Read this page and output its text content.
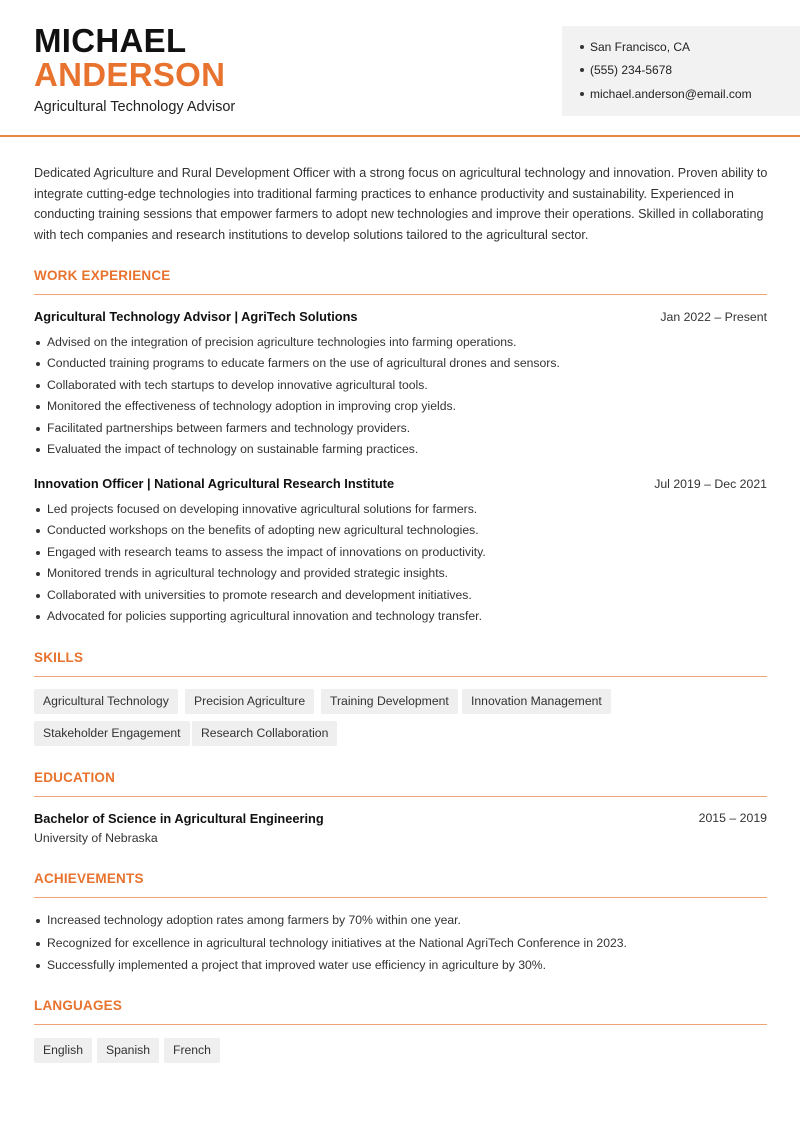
MICHAEL
ANDERSON
Agricultural Technology Advisor
San Francisco, CA
(555) 234-5678
michael.anderson@email.com
Dedicated Agriculture and Rural Development Officer with a strong focus on agricultural technology and innovation. Proven ability to integrate cutting-edge technologies into traditional farming practices to enhance productivity and sustainability. Experienced in conducting training sessions that empower farmers to adopt new technologies and improve their operations. Skilled in collaborating with tech companies and research institutions to develop solutions tailored to the agricultural sector.
WORK EXPERIENCE
Agricultural Technology Advisor | AgriTech Solutions	Jan 2022 – Present
Advised on the integration of precision agriculture technologies into farming operations.
Conducted training programs to educate farmers on the use of agricultural drones and sensors.
Collaborated with tech startups to develop innovative agricultural tools.
Monitored the effectiveness of technology adoption in improving crop yields.
Facilitated partnerships between farmers and technology providers.
Evaluated the impact of technology on sustainable farming practices.
Innovation Officer | National Agricultural Research Institute	Jul 2019 – Dec 2021
Led projects focused on developing innovative agricultural solutions for farmers.
Conducted workshops on the benefits of adopting new agricultural technologies.
Engaged with research teams to assess the impact of innovations on productivity.
Monitored trends in agricultural technology and provided strategic insights.
Collaborated with universities to promote research and development initiatives.
Advocated for policies supporting agricultural innovation and technology transfer.
SKILLS
Agricultural Technology	Precision Agriculture	Training Development	Innovation Management
Stakeholder Engagement	Research Collaboration
EDUCATION
Bachelor of Science in Agricultural Engineering	2015 – 2019
University of Nebraska
ACHIEVEMENTS
Increased technology adoption rates among farmers by 70% within one year.
Recognized for excellence in agricultural technology initiatives at the National AgriTech Conference in 2023.
Successfully implemented a project that improved water use efficiency in agriculture by 30%.
LANGUAGES
English	Spanish	French
